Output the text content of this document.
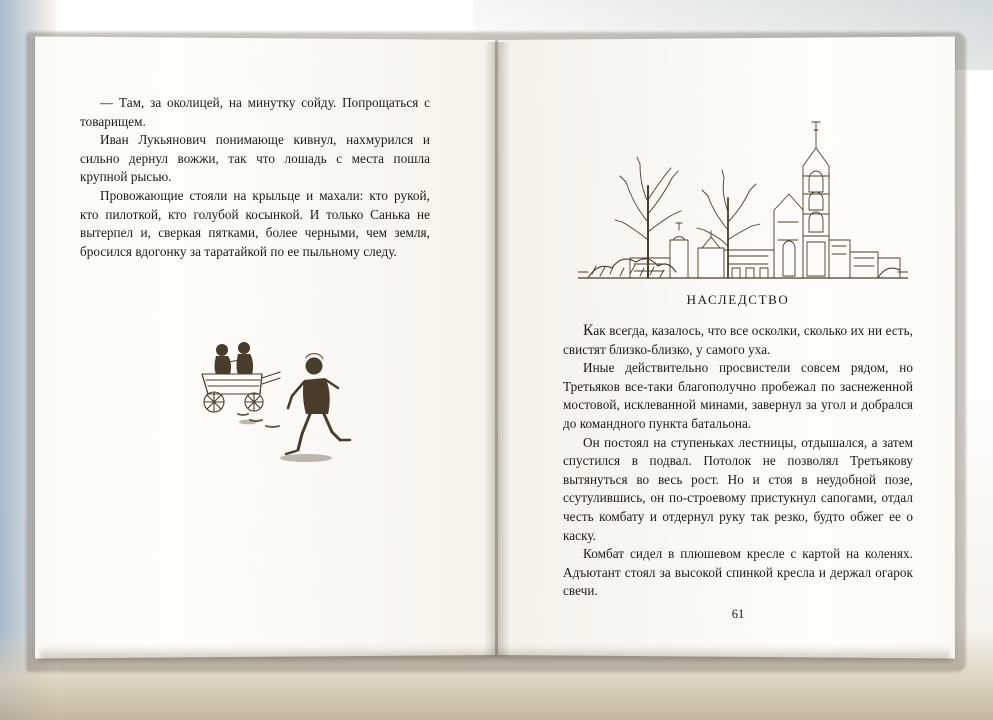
— Там, за околицей, на минутку сойду. Попрощаться с товарищем.

Иван Лукьянович понимающе кивнул, нахмурился и сильно дернул вожжи, так что лошадь с места пошла крупной рысью.

Провожающие стояли на крыльце и махали: кто рукой, кто пилоткой, кто голубой косынкой. И только Санька не вытерпел и, сверкая пятками, более черными, чем земля, бросился вдогонку за таратайкой по ее пыльному следу.

НАСЛЕДСТВО

Как всегда, казалось, что все осколки, сколько их ни есть, свистят близко-близко, у самого уха.

Иные действительно просвистели совсем рядом, но Третьяков все-таки благополучно пробежал по заснеженной мостовой, исклеванной минами, завернул за угол и добрался до командного пункта батальона.

Он постоял на ступеньках лестницы, отдышался, а затем спустился в подвал. Потолок не позволял Третьякову вытянуться во весь рост. Но и стоя в неудобной позе, ссутулившись, он по-строевому пристукнул сапогами, отдал честь комбату и отдернул руку так резко, будто обжег ее о каску.

Комбат сидел в плюшевом кресле с картой на коленях. Адъютант стоял за высокой спинкой кресла и держал огарок свечи.

61
